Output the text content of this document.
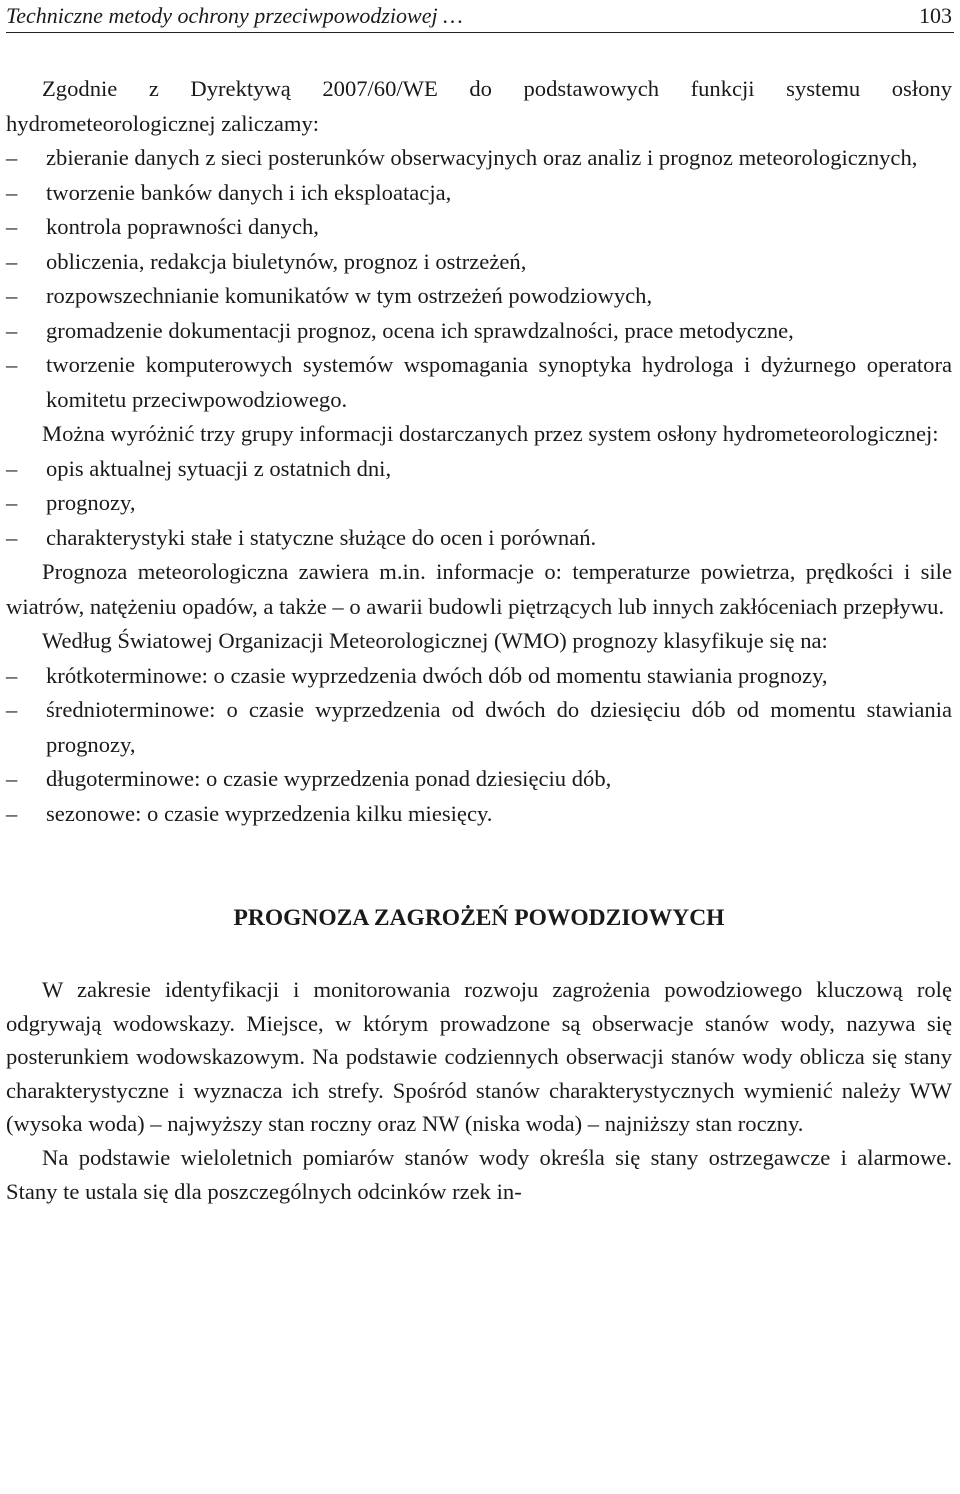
Techniczne metody ochrony przeciwpowodziowej …	103

Zgodnie z Dyrektywą 2007/60/WE do podstawowych funkcji systemu osłony hydrometeorologicznej zaliczamy:

–	zbieranie danych z sieci posterunków obserwacyjnych oraz analiz i prognoz meteorologicznych,
–	tworzenie banków danych i ich eksploatacja,
–	kontrola poprawności danych,
–	obliczenia, redakcja biuletynów, prognoz i ostrzeżeń,
–	rozpowszechnianie komunikatów w tym ostrzeżeń powodziowych,
–	gromadzenie dokumentacji prognoz, ocena ich sprawdzalności, prace metodyczne,
–	tworzenie komputerowych systemów wspomagania synoptyka hydrologa i dyżurnego operatora komitetu przeciwpowodziowego.

Można wyróżnić trzy grupy informacji dostarczanych przez system osłony hydrometeorologicznej:

–	opis aktualnej sytuacji z ostatnich dni,
–	prognozy,
–	charakterystyki stałe i statyczne służące do ocen i porównań.

Prognoza meteorologiczna zawiera m.in. informacje o: temperaturze powietrza, prędkości i sile wiatrów, natężeniu opadów, a także – o awarii budowli piętrzących lub innych zakłóceniach przepływu.

Według Światowej Organizacji Meteorologicznej (WMO) prognozy klasyfikuje się na:

–	krótkoterminowe: o czasie wyprzedzenia dwóch dób od momentu stawiania prognozy,
–	średnioterminowe: o czasie wyprzedzenia od dwóch do dziesięciu dób od momentu stawiania prognozy,
–	długoterminowe: o czasie wyprzedzenia ponad dziesięciu dób,
–	sezonowe: o czasie wyprzedzenia kilku miesięcy.
PROGNOZA ZAGROŻEŃ POWODZIOWYCH

W zakresie identyfikacji i monitorowania rozwoju zagrożenia powodziowego kluczową rolę odgrywają wodowskazy. Miejsce, w którym prowadzone są obserwacje stanów wody, nazywa się posterunkiem wodowskazowym. Na podstawie codziennych obserwacji stanów wody oblicza się stany charakterystyczne i wyznacza ich strefy. Spośród stanów charakterystycznych wymienić należy WW (wysoka woda) – najwyższy stan roczny oraz NW (niska woda) – najniższy stan roczny.

Na podstawie wieloletnich pomiarów stanów wody określa się stany ostrzegawcze i alarmowe. Stany te ustala się dla poszczególnych odcinków rzek in-
